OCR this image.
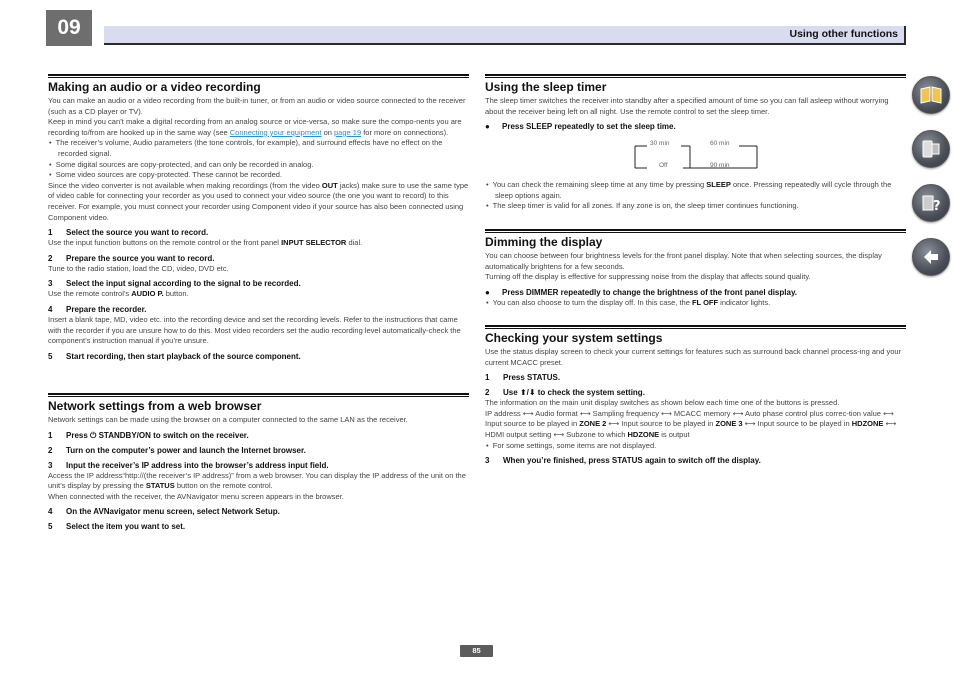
09	Using other functions
Making an audio or a video recording
You can make an audio or a video recording from the built-in tuner, or from an audio or video source connected to the receiver (such as a CD player or TV).
Keep in mind you can’t make a digital recording from an analog source or vice-versa, so make sure the compo-nents you are recording to/from are hooked up in the same way (see Connecting your equipment on page 19 for more on connections).
•  The receiver’s volume, Audio parameters (the tone controls, for example), and surround effects have no effect on the recorded signal.
•  Some digital sources are copy-protected, and can only be recorded in analog.
•  Some video sources are copy-protected. These cannot be recorded.
Since the video converter is not available when making recordings (from the video OUT jacks) make sure to use the same type of video cable for connecting your recorder as you used to connect your video source (the one you want to record) to this receiver. For example, you must connect your recorder using Component video if your source has also been connected using Component video.
1 Select the source you want to record.
Use the input function buttons on the remote control or the front panel INPUT SELECTOR dial.
2 Prepare the source you want to record.
Tune to the radio station, load the CD, video, DVD etc.
3 Select the input signal according to the signal to be recorded.
Use the remote control’s AUDIO P. button.
4 Prepare the recorder.
Insert a blank tape, MD, video etc. into the recording device and set the recording levels. Refer to the instructions that came with the recorder if you are unsure how to do this. Most video recorders set the audio recording level automatically-check the component’s instruction manual if you’re unsure.
5 Start recording, then start playback of the source component.
Network settings from a web browser
Network settings can be made using the browser on a computer connected to the same LAN as the receiver.
1 Press ⏻ STANDBY/ON to switch on the receiver.
2 Turn on the computer’s power and launch the Internet browser.
3 Input the receiver’s IP address into the browser’s address input field.
Access the IP address“http://(the receiver’s IP address)” from a web browser. You can display the IP address of the unit on the unit’s display by pressing the STATUS button on the remote control.
When connected with the receiver, the AVNavigator menu screen appears in the browser.
4 On the AVNavigator menu screen, select Network Setup.
5 Select the item you want to set.
Using the sleep timer
The sleep timer switches the receiver into standby after a specified amount of time so you can fall asleep without worrying about the receiver being left on all night. Use the remote control to set the sleep timer.
● Press SLEEP repeatedly to set the sleep time.
30 min	60 min
Off	90 min
•  You can check the remaining sleep time at any time by pressing SLEEP once. Pressing repeatedly will cycle through the sleep options again.
•  The sleep timer is valid for all zones. If any zone is on, the sleep timer continues functioning.
Dimming the display
You can choose between four brightness levels for the front panel display. Note that when selecting sources, the display automatically brightens for a few seconds.
Turning off the display is effective for suppressing noise from the display that affects sound quality.
● Press DIMMER repeatedly to change the brightness of the front panel display.
•  You can also choose to turn the display off. In this case, the FL OFF indicator lights.
Checking your system settings
Use the status display screen to check your current settings for features such as surround back channel process-ing and your current MCACC preset.
1 Press STATUS.
2 Use ⬆/⬇ to check the system setting.
The information on the main unit display switches as shown below each time one of the buttons is pressed.
IP address ⟷ Audio format ⟷ Sampling frequency ⟷ MCACC memory ⟷ Auto phase control plus correc-tion value ⟷ Input source to be played in ZONE 2 ⟷ Input source to be played in ZONE 3 ⟷ Input source to be played in HDZONE ⟷ HDMI output setting ⟷ Subzone to which HDZONE is output
•  For some settings, some items are not displayed.
3 When you’re finished, press STATUS again to switch off the display.
?
85
